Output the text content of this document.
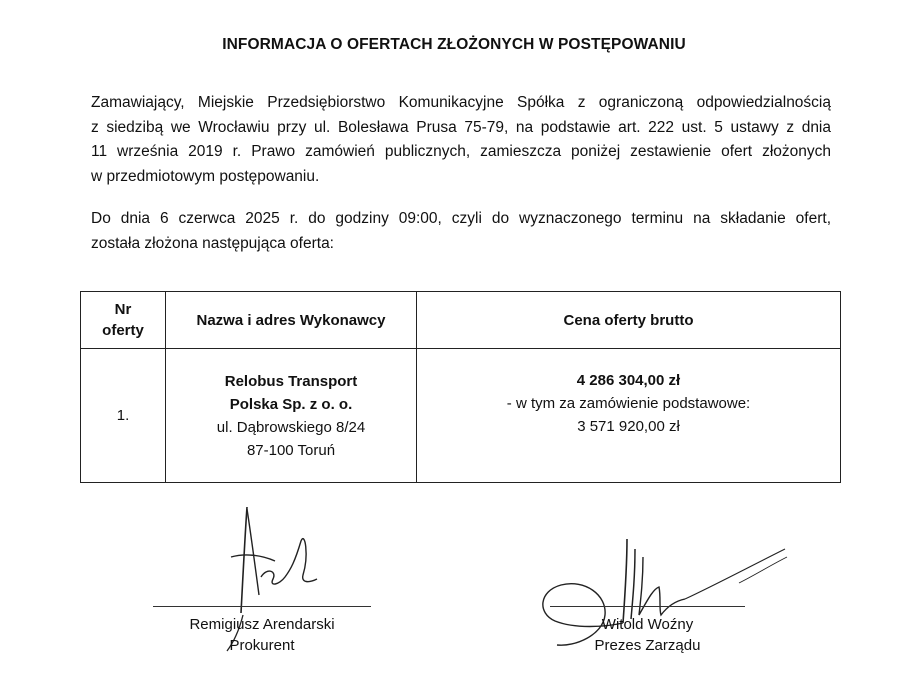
INFORMACJA O OFERTACH ZŁOŻONYCH W POSTĘPOWANIU

Zamawiający, Miejskie Przedsiębiorstwo Komunikacyjne Spółka z ograniczoną odpowiedzialnością
z siedzibą we Wrocławiu przy ul. Bolesława Prusa 75-79, na podstawie art. 222 ust. 5 ustawy z dnia
11 września 2019 r. Prawo zamówień publicznych, zamieszcza poniżej zestawienie ofert złożonych
w przedmiotowym postępowaniu.

Do dnia 6 czerwca 2025 r. do godziny 09:00, czyli do wyznaczonego terminu na składanie ofert,
została złożona następująca oferta:

Nr
oferty	Nazwa i adres Wykonawcy	Cena oferty brutto
1.	Relobus Transport
Polska Sp. z o. o.
ul. Dąbrowskiego 8/24
87-100 Toruń	4 286 304,00 zł
- w tym za zamówienie podstawowe:
3 571 920,00 zł
Remigiusz Arendarski
Prokurent
Witold Woźny
Prezes Zarządu
